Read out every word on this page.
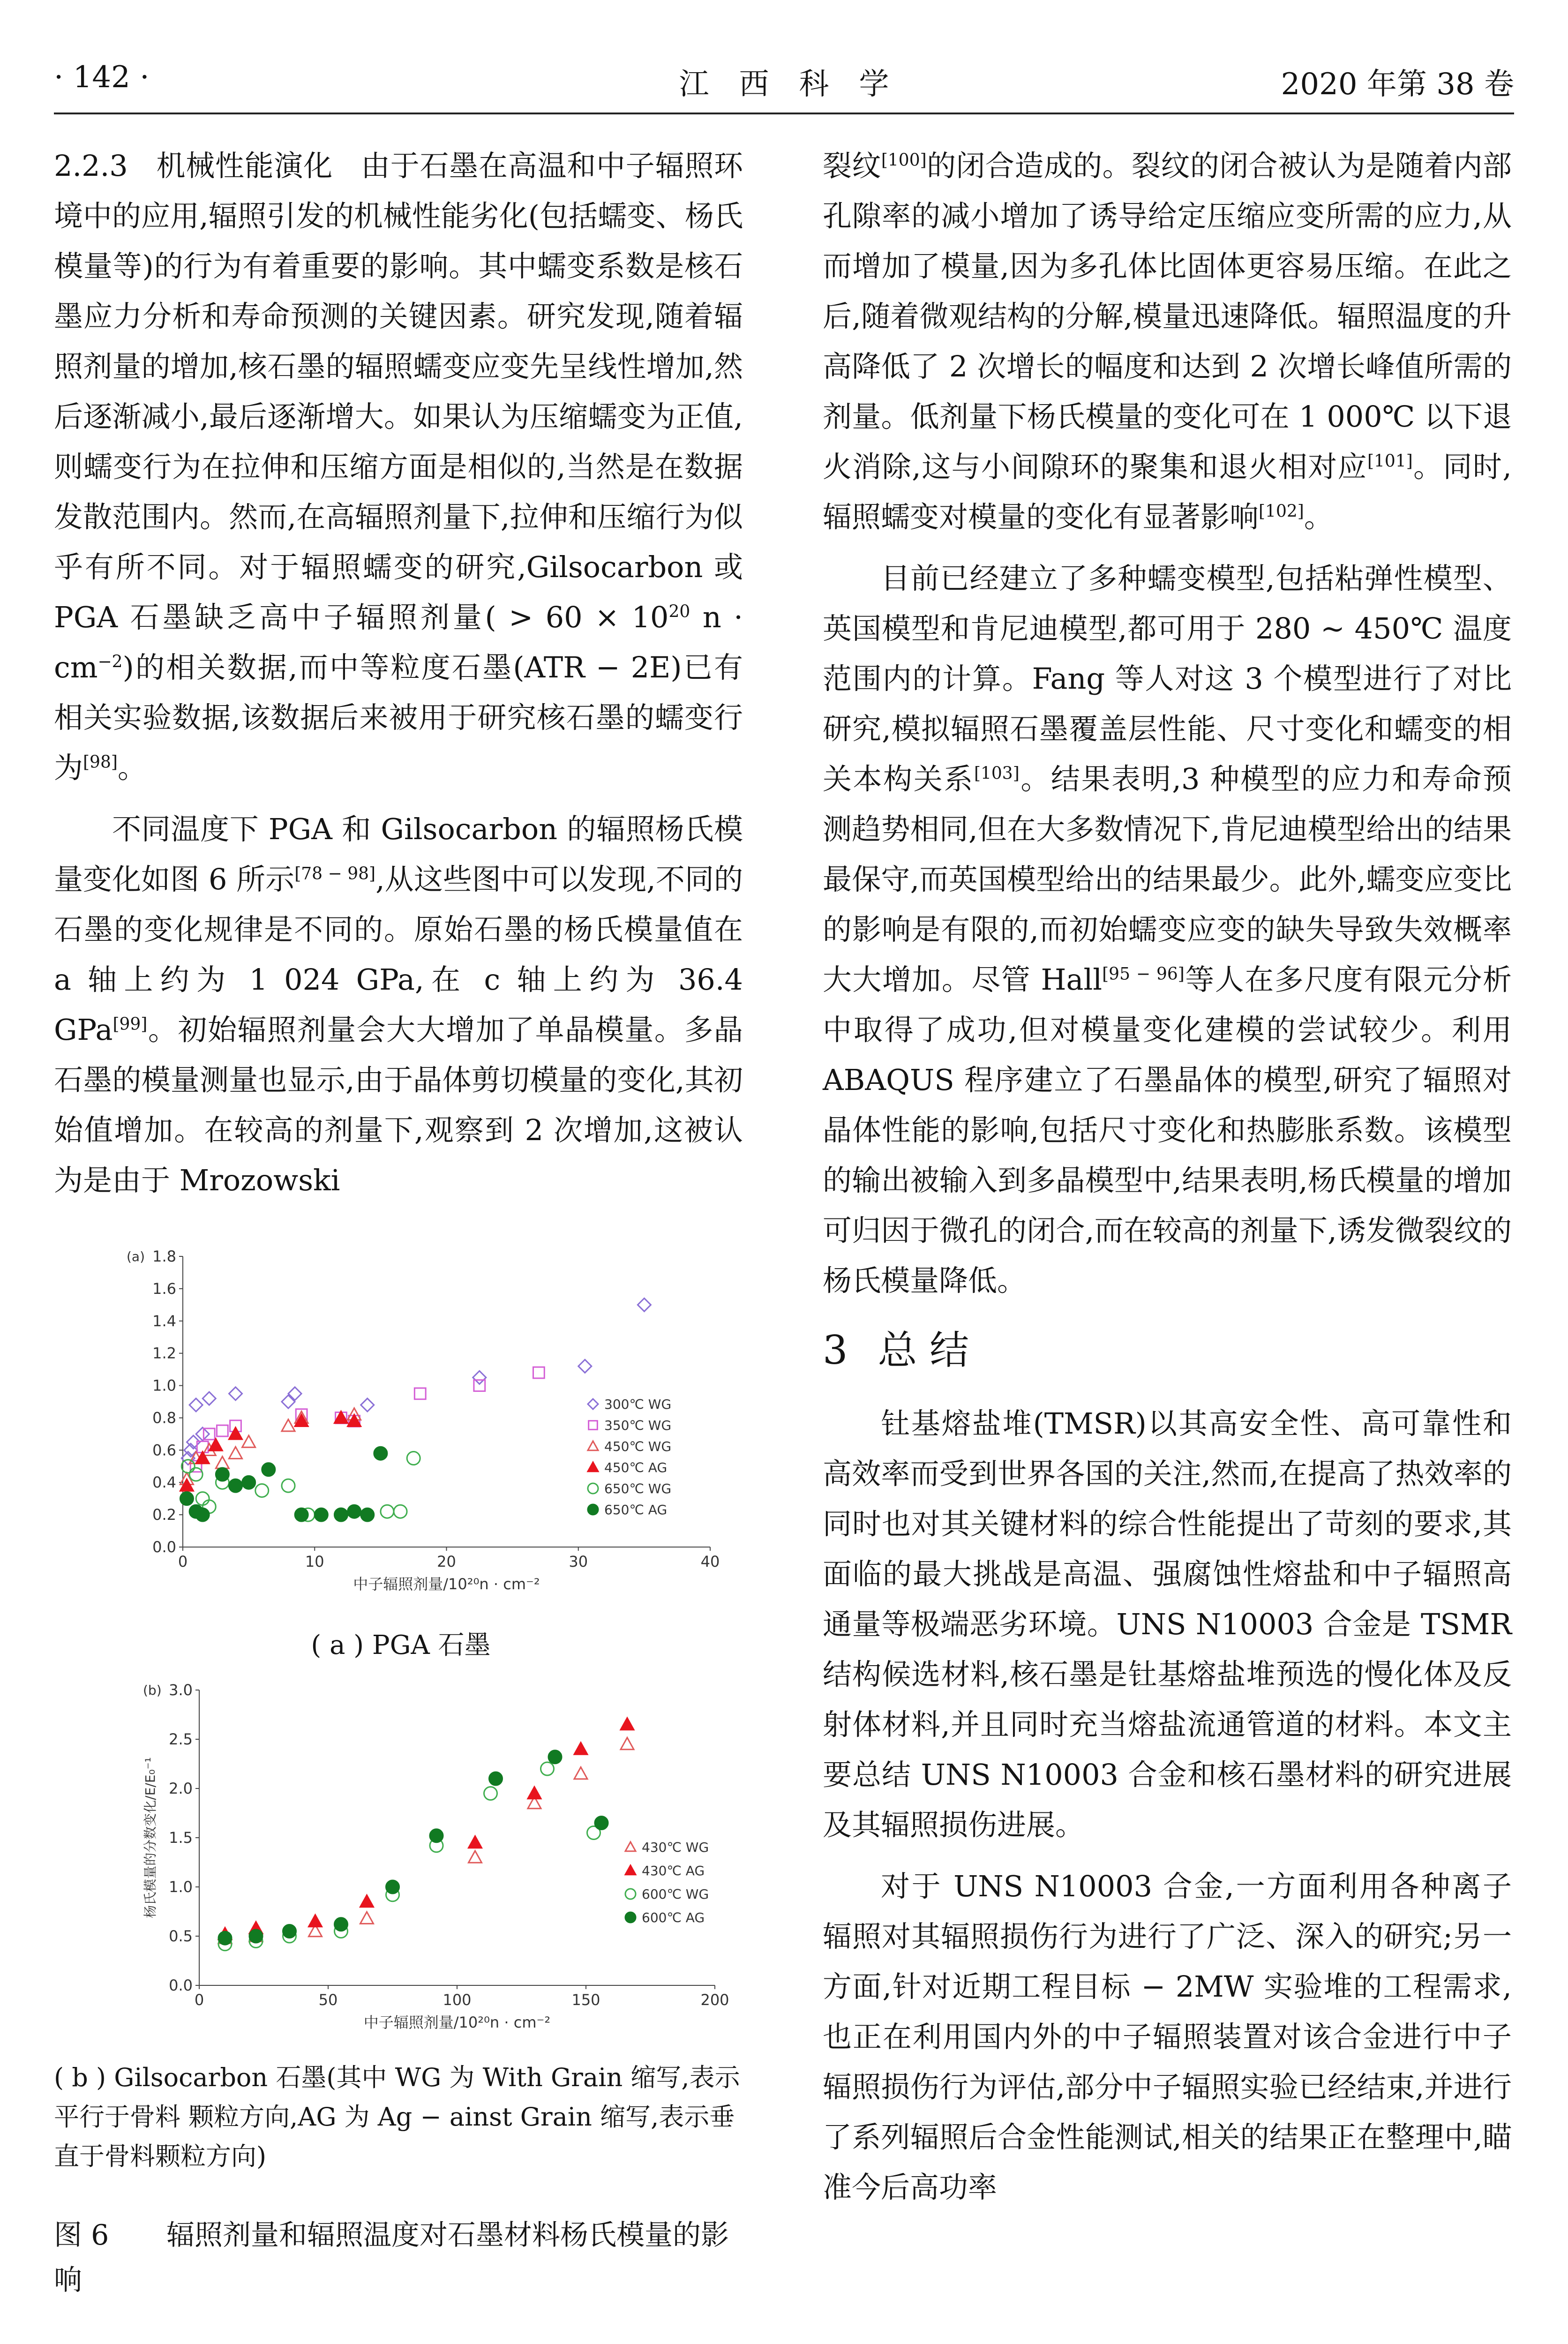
· 142 ·	江　西　科　学	2020 年第 38 卷

2.2.3 机械性能演化 由于石墨在高温和中子辐照环境中的应用,辐照引发的机械性能劣化(包括蠕变、杨氏模量等)的行为有着重要的影响。其中蠕变系数是核石墨应力分析和寿命预测的关键因素。研究发现,随着辐照剂量的增加,核石墨的辐照蠕变应变先呈线性增加,然后逐渐减小,最后逐渐增大。如果认为压缩蠕变为正值,则蠕变行为在拉伸和压缩方面是相似的,当然是在数据发散范围内。然而,在高辐照剂量下,拉伸和压缩行为似乎有所不同。对于辐照蠕变的研究,Gilsocarbon 或 PGA 石墨缺乏高中子辐照剂量( > $60 \times 10^{20}$ $n \cdot cm^{-2}$)的相关数据,而中等粒度石墨(ATR − 2E)已有相关实验数据,该数据后来被用于研究核石墨的蠕变行为[98]。

不同温度下 PGA 和 Gilsocarbon 的辐照杨氏模量变化如图 6 所示[78 − 98],从这些图中可以发现,不同的石墨的变化规律是不同的。原始石墨的杨氏模量值在 a 轴上约为 1 024 GPa,在 c 轴上约为 36.4 GPa[99]。初始辐照剂量会大大增加了单晶模量。多晶石墨的模量测量也显示,由于晶体剪切模量的变化,其初始值增加。在较高的剂量下,观察到 2 次增加,这被认为是由于 Mrozowski

(a)
0	10	20	30	40
0.0
0.2
0.4
0.6
0.8
1.0
1.2
1.4
1.6
1.8
中子辐照剂量/10²⁰n · cm⁻²
300℃ WG
350℃ WG
450℃ WG
450℃ AG
650℃ WG
650℃ AG
( a ) PGA 石墨
(b)
0	50	100	150	200
0.0
0.5
1.0
1.5
2.0
2.5
3.0
中子辐照剂量/10²⁰n · cm⁻²
杨氏模量的分数变化/E/E₀⁻¹	430℃ WG
430℃ AG
600℃ WG
600℃ AG
( b ) Gilsocarbon 石墨(其中 WG 为 With Grain 缩写,表示平行于骨料 颗粒方向,AG 为 Ag − ainst Grain 缩写,表示垂直于骨料颗粒方向)
图 6 辐照剂量和辐照温度对石墨材料杨氏模量的影响

裂纹[100]的闭合造成的。裂纹的闭合被认为是随着内部孔隙率的减小增加了诱导给定压缩应变所需的应力,从而增加了模量,因为多孔体比固体更容易压缩。在此之后,随着微观结构的分解,模量迅速降低。辐照温度的升高降低了 2 次增长的幅度和达到 2 次增长峰值所需的剂量。低剂量下杨氏模量的变化可在 1 000℃ 以下退火消除,这与小间隙环的聚集和退火相对应[101]。同时,辐照蠕变对模量的变化有显著影响[102]。

目前已经建立了多种蠕变模型,包括粘弹性模型、英国模型和肯尼迪模型,都可用于 280 ~ 450℃ 温度范围内的计算。Fang 等人对这 3 个模型进行了对比研究,模拟辐照石墨覆盖层性能、尺寸变化和蠕变的相关本构关系[103]。结果表明,3 种模型的应力和寿命预测趋势相同,但在大多数情况下,肯尼迪模型给出的结果最保守,而英国模型给出的结果最少。此外,蠕变应变比的影响是有限的,而初始蠕变应变的缺失导致失效概率大大增加。尽管 Hall[95 − 96]等人在多尺度有限元分析中取得了成功,但对模量变化建模的尝试较少。利用 ABAQUS 程序建立了石墨晶体的模型,研究了辐照对晶体性能的影响,包括尺寸变化和热膨胀系数。该模型的输出被输入到多晶模型中,结果表明,杨氏模量的增加可归因于微孔的闭合,而在较高的剂量下,诱发微裂纹的杨氏模量降低。

3 总 结

钍基熔盐堆(TMSR)以其高安全性、高可靠性和高效率而受到世界各国的关注,然而,在提高了热效率的同时也对其关键材料的综合性能提出了苛刻的要求,其面临的最大挑战是高温、强腐蚀性熔盐和中子辐照高通量等极端恶劣环境。UNS N10003 合金是 TSMR 结构候选材料,核石墨是钍基熔盐堆预选的慢化体及反射体材料,并且同时充当熔盐流通管道的材料。本文主要总结 UNS N10003 合金和核石墨材料的研究进展及其辐照损伤进展。

对于 UNS N10003 合金,一方面利用各种离子辐照对其辐照损伤行为进行了广泛、深入的研究;另一方面,针对近期工程目标 − 2MW 实验堆的工程需求,也正在利用国内外的中子辐照装置对该合金进行中子辐照损伤行为评估,部分中子辐照实验已经结束,并进行了系列辐照后合金性能测试,相关的结果正在整理中,瞄准今后高功率
